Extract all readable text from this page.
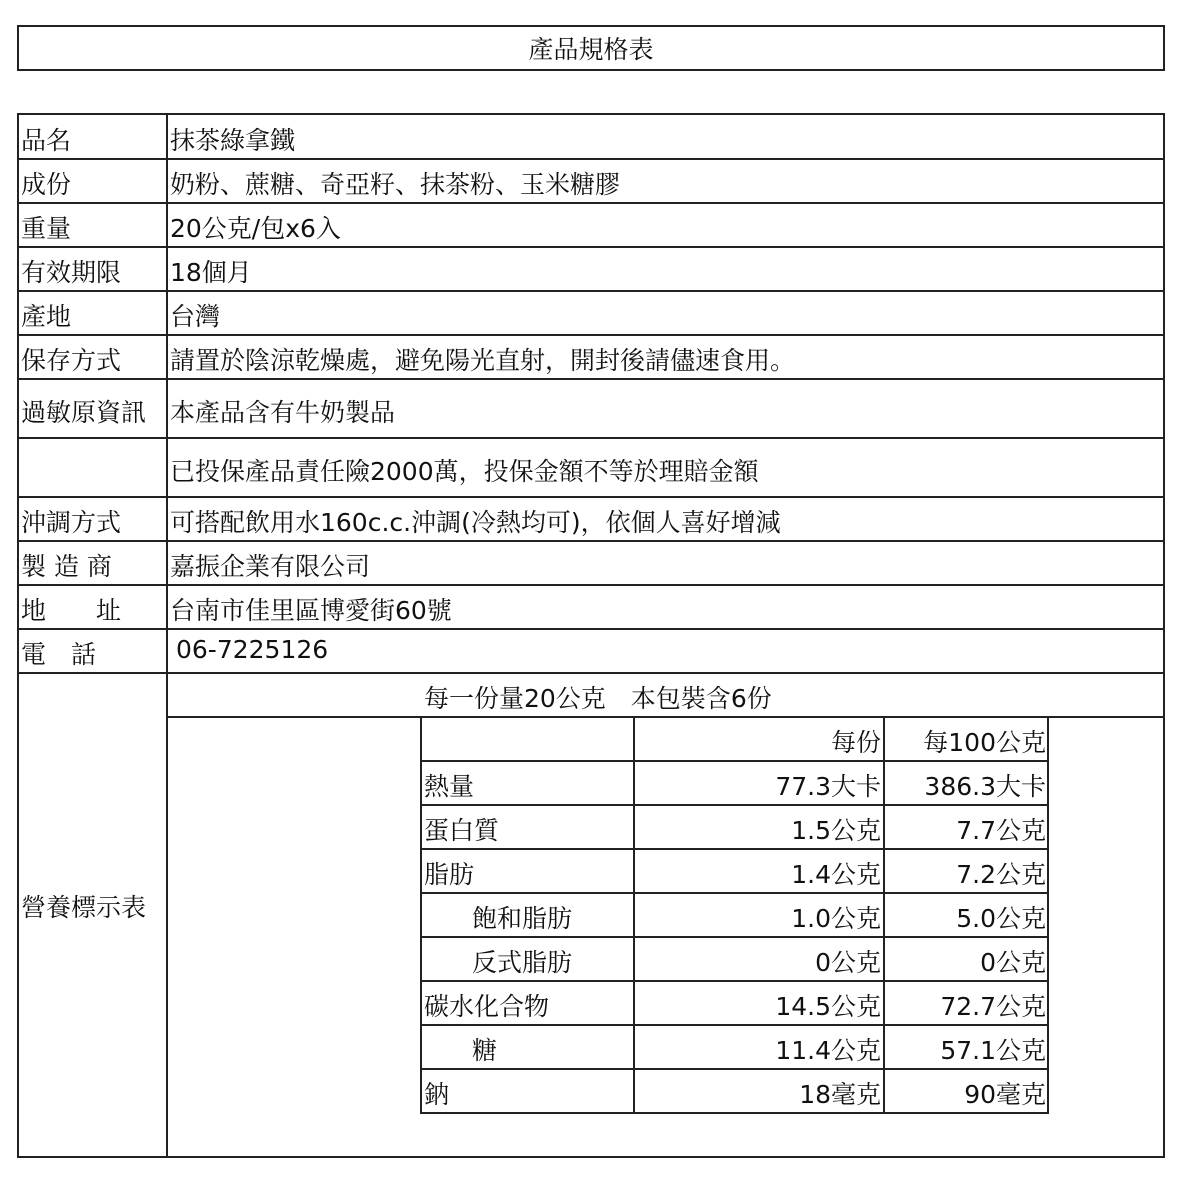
產品規格表
品名	抹茶綠拿鐵
成份	奶粉、蔗糖、奇亞籽、抹茶粉、玉米糖膠
重量	20公克/包x6入
有效期限 18個月
產地	台灣
保存方式 請置於陰涼乾燥處，避免陽光直射，開封後請儘速食用。
過敏原資訊 本產品含有牛奶製品
已投保產品責任險2000萬，投保金額不等於理賠金額
沖調方式 可搭配飲用水160c.c.沖調(冷熱均可)，依個人喜好增減
製 造 商 嘉振企業有限公司
地　　址 台南市佳里區博愛街60號
電　話	06-7225126
營養標示表
每一份量20公克　本包裝含6份
每份 每100公克
熱量	77.3大卡 386.3大卡
蛋白質	1.5公克	7.7公克
脂肪	1.4公克	7.2公克
飽和脂肪	1.0公克	5.0公克
反式脂肪	0公克	0公克
碳水化合物	14.5公克 72.7公克
糖	11.4公克 57.1公克
鈉	18毫克	90毫克
